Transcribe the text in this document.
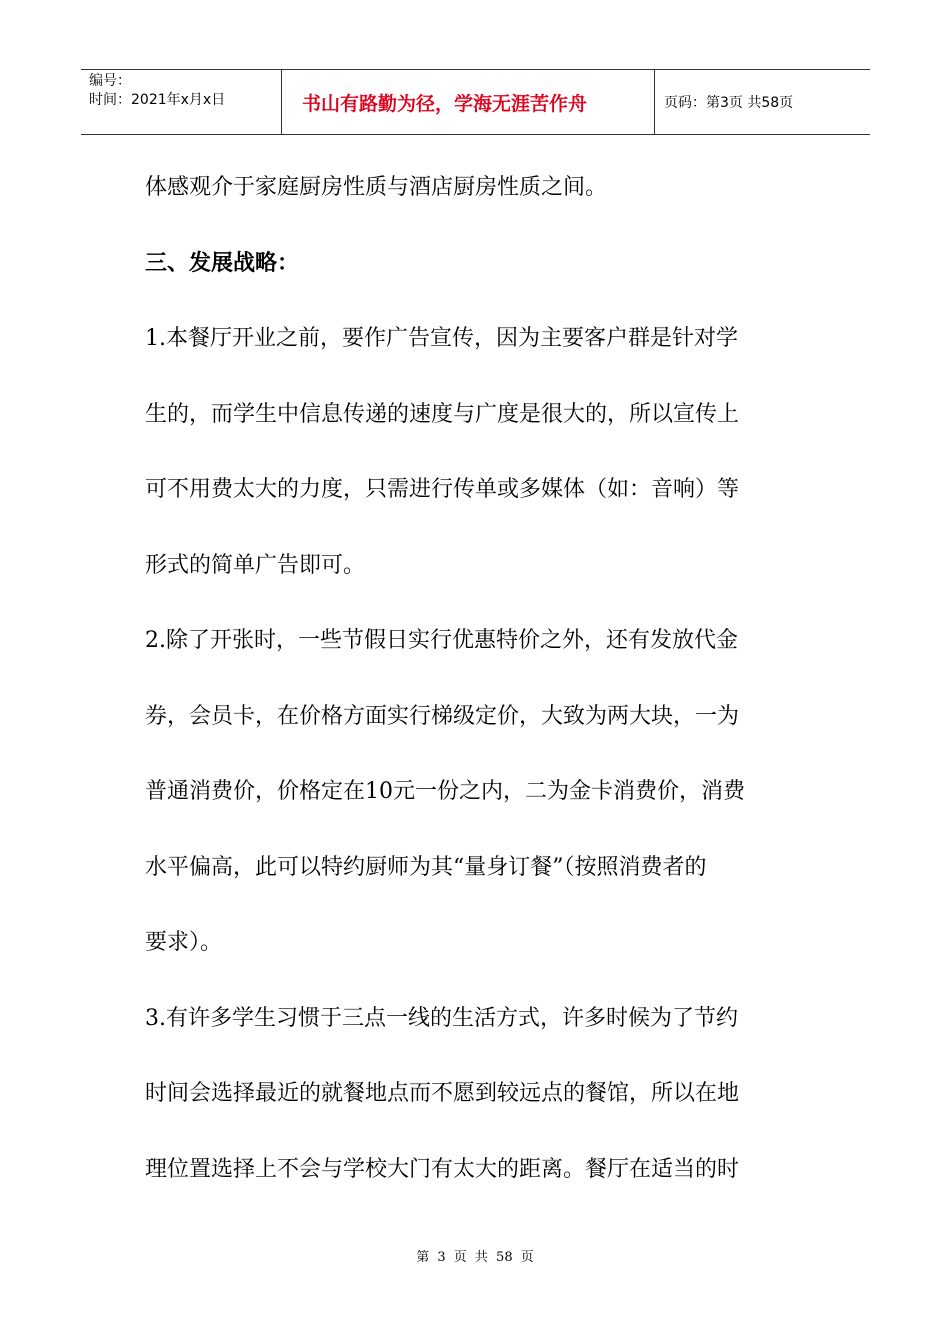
编号：
时间：2021年x月x日	书山有路勤为径，学海无涯苦作舟	页码：第3页 共58页

体感观介于家庭厨房性质与酒店厨房性质之间。

三、发展战略：

1.本餐厅开业之前，要作广告宣传，因为主要客户群是针对学

生的，而学生中信息传递的速度与广度是很大的，所以宣传上

可不用费太大的力度，只需进行传单或多媒体（如：音响）等

形式的简单广告即可。

2.除了开张时，一些节假日实行优惠特价之外，还有发放代金

券，会员卡，在价格方面实行梯级定价，大致为两大块，一为

普通消费价，价格定在10元一份之内，二为金卡消费价，消费

水平偏高，此可以特约厨师为其“量身订餐”（按照消费者的

要求）。

3.有许多学生习惯于三点一线的生活方式，许多时候为了节约

时间会选择最近的就餐地点而不愿到较远点的餐馆，所以在地

理位置选择上不会与学校大门有太大的距离。餐厅在适当的时

第 3 页 共 58 页
